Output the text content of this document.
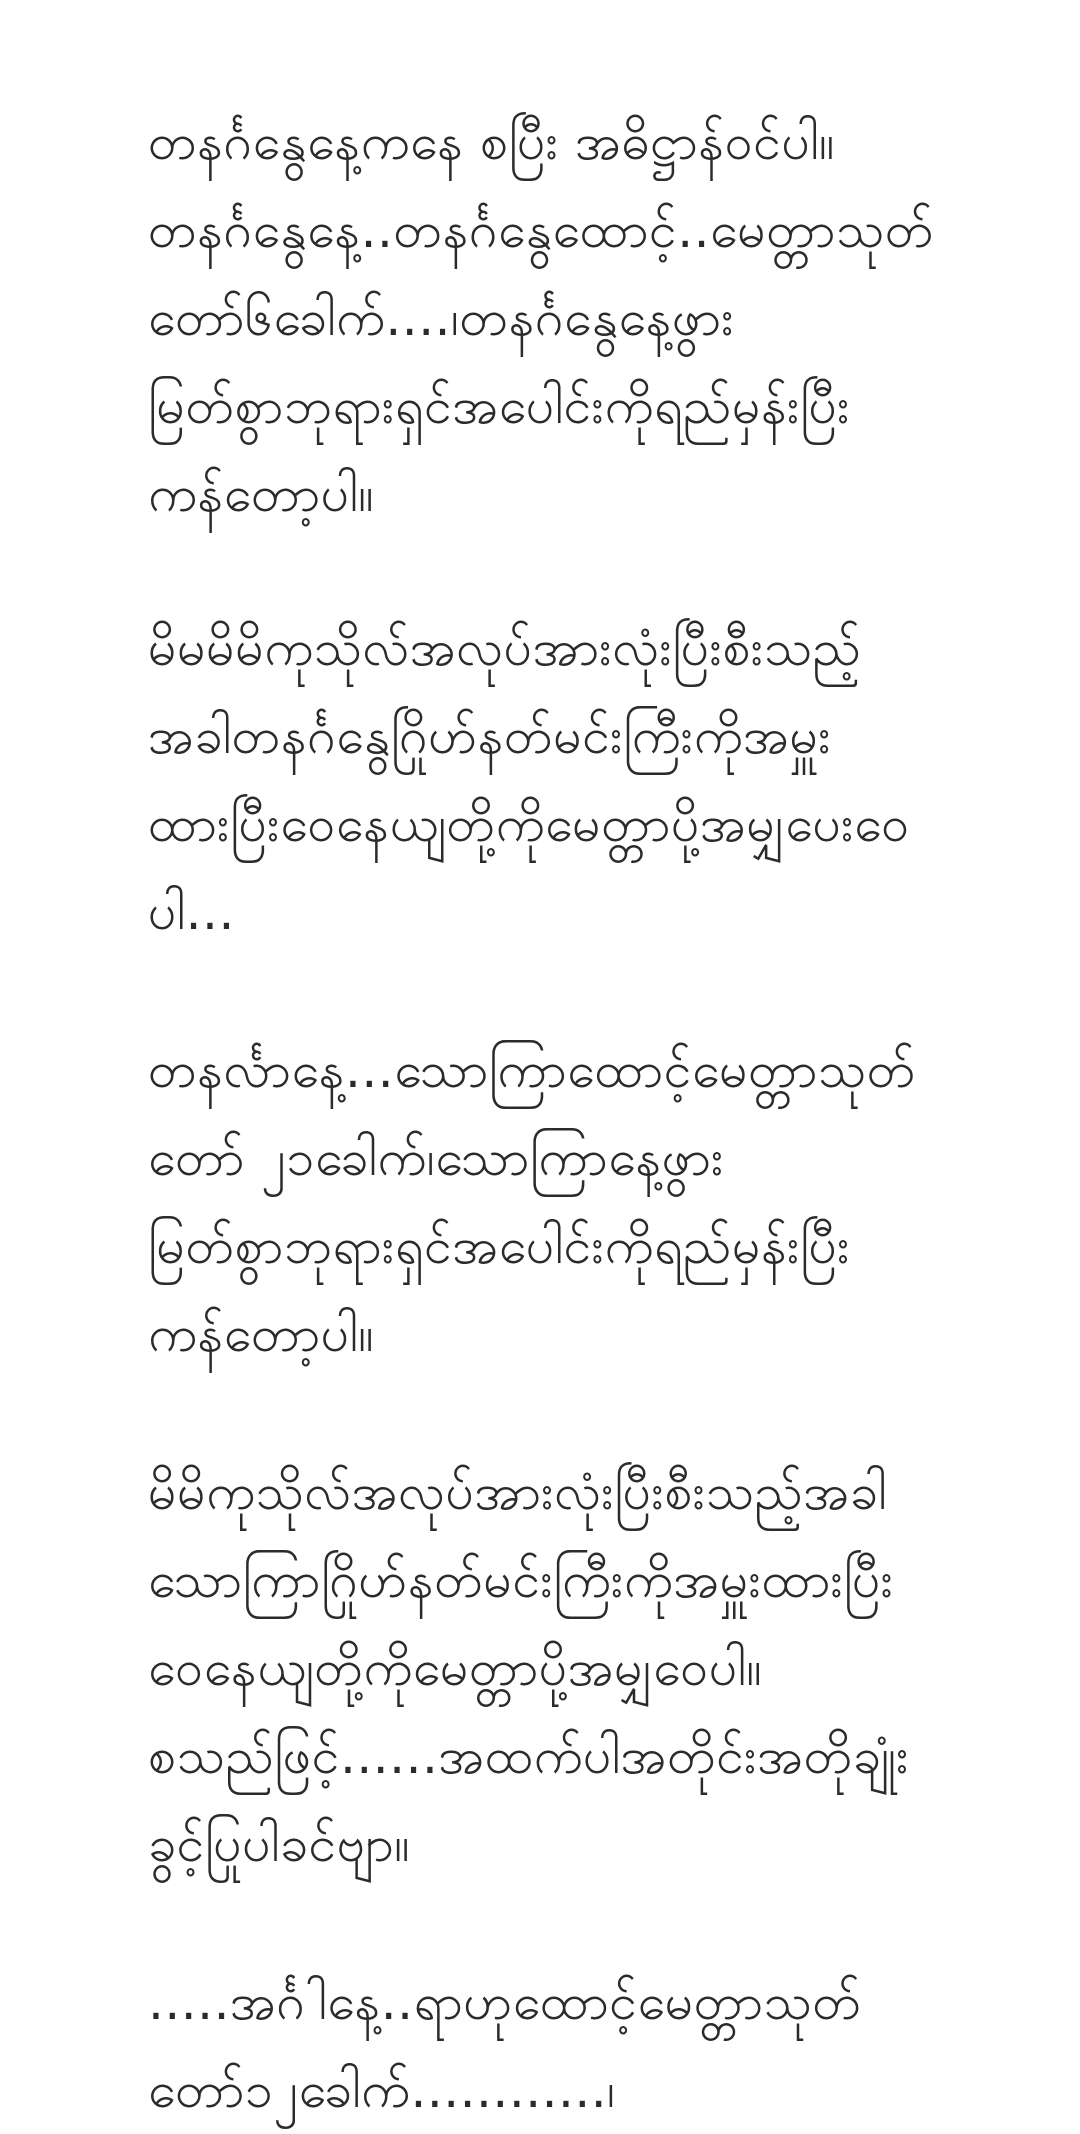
တနင်္ဂနွေနေ့ကနေ စပြီး အဓိဋ္ဌာန်ဝင်ပါ။
တနင်္ဂနွေနေ့..တနင်္ဂနွေထောင့်..မေတ္တာသုတ်
တော်၆ခေါက်....၊တနင်္ဂနွေနေ့ဖွား
မြတ်စွာဘုရားရှင်အပေါင်းကိုရည်မှန်းပြီး
ကန်တော့ပါ။
မိမမိမိကုသိုလ်အလုပ်အားလုံးပြီးစီးသည့်
အခါတနင်္ဂနွေဂြိုဟ်နတ်မင်းကြီးကိုအမှူး
ထားပြီးဝေနေယျတို့ကိုမေတ္တာပို့အမျှပေးဝေ
ပါ...
တနင်္လာနေ့...သောကြာထောင့်မေတ္တာသုတ်
တော် ၂၁ခေါက်၊သောကြာနေ့ဖွား
မြတ်စွာဘုရားရှင်အပေါင်းကိုရည်မှန်းပြီး
ကန်တော့ပါ။
မိမိကုသိုလ်အလုပ်အားလုံးပြီးစီးသည့်အခါ
သောကြာဂြိုဟ်နတ်မင်းကြီးကိုအမှူးထားပြီး
ဝေနေယျတို့ကိုမေတ္တာပို့အမျှဝေပါ။
စသည်ဖြင့်......အထက်ပါအတိုင်းအတိုချုံး
ခွင့်ပြုပါခင်ဗျာ။
.....အင်္ဂါနေ့..ရာဟုထောင့်မေတ္တာသုတ်
တော်၁၂ခေါက်............၊
